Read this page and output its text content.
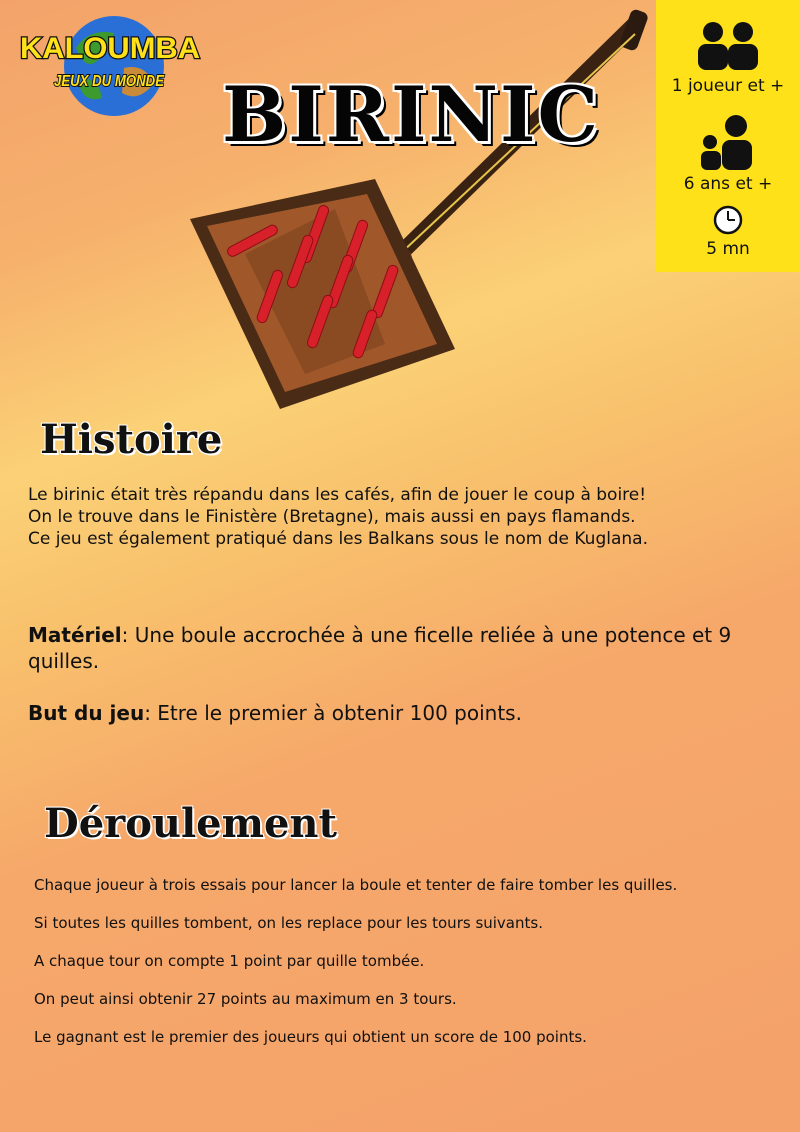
KALOUMBA
JEUX DU MONDE BIRINIC	1 joueur et +
6 ans et +
5 mn
Histoire
Le birinic était très répandu dans les cafés, afin de jouer le coup à boire!
On le trouve dans le Finistère (Bretagne), mais aussi en pays flamands.
Ce jeu est également pratiqué dans les Balkans sous le nom de Kuglana.
Matériel: Une boule accrochée à une ficelle reliée à une potence et 9 quilles.
But du jeu: Etre le premier à obtenir 100 points.
Déroulement

Chaque joueur à trois essais pour lancer la boule et tenter de faire tomber les quilles.

Si toutes les quilles tombent, on les replace pour les tours suivants.

A chaque tour on compte 1 point par quille tombée.

On peut ainsi obtenir 27 points au maximum en 3 tours.

Le gagnant est le premier des joueurs qui obtient un score de 100 points.
